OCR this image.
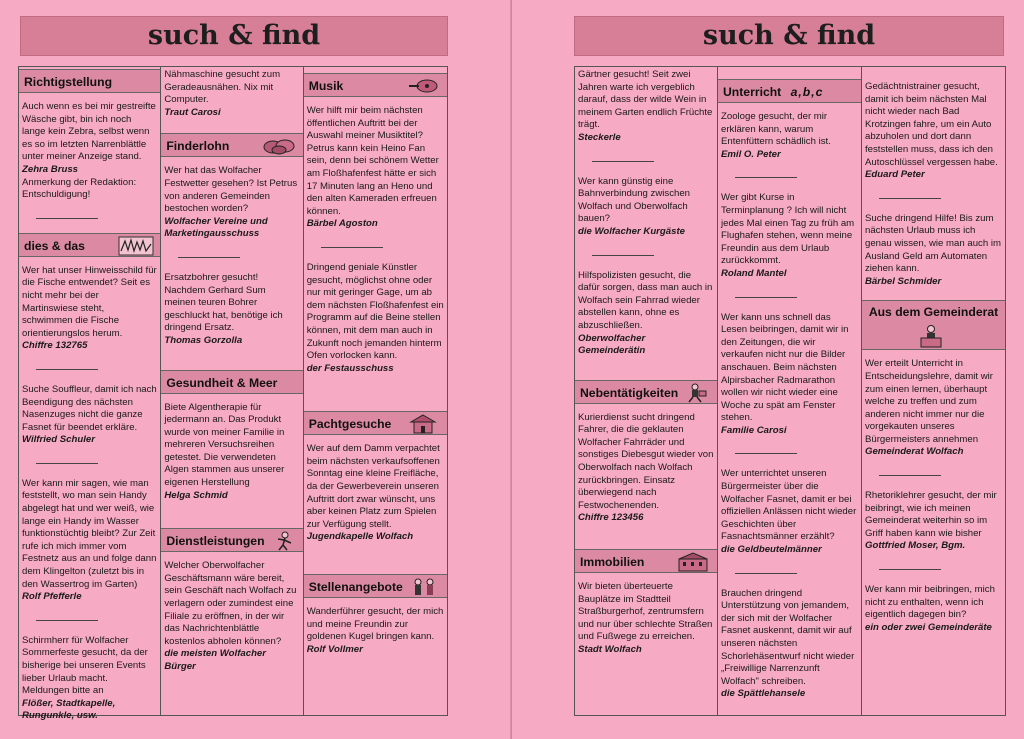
such & find
Richtigstellung
Auch wenn es bei mir gestreifte Wäsche gibt, bin ich noch lange kein Zebra, selbst wenn es so im letzten Narrenblättle unter meiner Anzeige stand.
Zehra Bruss
Anmerkung der Redaktion: Entschuldigung!
dies & das
Wer hat unser Hinweisschild für die Fische entwendet? Seit es nicht mehr bei der Martinswiese steht, schwimmen die Fische orientierungslos herum.
Chiffre 132765
Suche Souffleur, damit ich nach Beendigung des nächsten Nasenzuges nicht die ganze Fasnet für beendet erkläre.
Wilfried Schuler
Wer kann mir sagen, wie man feststellt, wo man sein Handy abgelegt hat und wer weiß, wie lange ein Handy im Wasser funktionstüchtig bleibt? Zur Zeit rufe ich mich immer vom Festnetz aus an und folge dann dem Klingelton (zuletzt bis in den Wassertrog im Garten)
Rolf Pfefferle
Schirmherr für Wolfacher Sommerfeste gesucht, da der bisherige bei unseren Events lieber Urlaub macht. Meldungen bitte an
Flößer, Stadtkapelle, Rungunkle, usw.
Nähmaschine gesucht zum Geradeausnähen. Nix mit Computer.
Traut Carosi
Finderlohn
Wer hat das Wolfacher Festwetter gesehen? Ist Petrus von anderen Gemeinden bestochen worden?
Wolfacher Vereine und Marketingausschuss
Ersatzbohrer gesucht! Nachdem Gerhard Sum meinen teuren Bohrer geschluckt hat, benötige ich dringend Ersatz.
Thomas Gorzolla
Gesundheit & Meer
Biete Algentherapie für jedermann an. Das Produkt wurde von meiner Familie in mehreren Versuchsreihen getestet. Die verwendeten Algen stammen aus unserer eigenen Herstellung
Helga Schmid
Dienstleistungen
Welcher Oberwolfacher Geschäftsmann wäre bereit, sein Geschäft nach Wolfach zu verlagern oder zumindest eine Filiale zu eröffnen, in der wir das Nachrichtenblättle kostenlos abholen können?
die meisten Wolfacher Bürger
Musik
Wer hilft mir beim nächsten öffentlichen Auftritt bei der Auswahl meiner Musiktitel? Petrus kann kein Heino Fan sein, denn bei schönem Wetter am Floßhafenfest hätte er sich 17 Minuten lang an Heno und den alten Kameraden erfreuen können.
Bärbel Agoston
Dringend geniale Künstler gesucht, möglichst ohne oder nur mit geringer Gage, um ab dem nächsten Floßhafenfest ein Programm auf die Beine stellen können, mit dem man auch in Zukunft noch jemanden hinterm Ofen vorlocken kann.
der Festausschuss
Pachtgesuche
Wer auf dem Damm verpachtet beim nächsten verkaufsoffenen Sonntag eine kleine Freifläche, da der Gewerbeverein unseren Auftritt dort zwar wünscht, uns aber keinen Platz zum Spielen zur Verfügung stellt.
Jugendkapelle Wolfach
Stellenangebote
Wanderführer gesucht, der mich und meine Freundin zur goldenen Kugel bringen kann.
Rolf Vollmer
such & find
Gärtner gesucht! Seit zwei Jahren warte ich vergeblich darauf, dass der wilde Wein in meinem Garten endlich Früchte trägt.
Steckerle
Wer kann günstig eine Bahnverbindung zwischen Wolfach und Oberwolfach bauen?
die Wolfacher Kurgäste
Hilfspolizisten gesucht, die dafür sorgen, dass man auch in Wolfach sein Fahrrad wieder abstellen kann, ohne es abzuschließen.
Oberwolfacher Gemeinderätin
Nebentätigkeiten
Kurierdienst sucht dringend Fahrer, die die geklauten Wolfacher Fahrräder und sonstiges Diebesgut wieder von Oberwolfach nach Wolfach zurückbringen. Einsatz überwiegend nach Festwochenenden.
Chiffre 123456
Immobilien
Wir bieten überteuerte Bauplätze im Stadtteil Straßburgerhof, zentrumsfern und nur über schlechte Straßen und Fußwege zu erreichen.
Stadt Wolfach
Unterricht a,b,c
Zoologe gesucht, der mir erklären kann, warum Entenfüttern schädlich ist.
Emil O. Peter
Wer gibt Kurse in Terminplanung ? Ich will nicht jedes Mal einen Tag zu früh am Flughafen stehen, wenn meine Freundin aus dem Urlaub zurückkommt.
Roland Mantel
Wer kann uns schnell das Lesen beibringen, damit wir in den Zeitungen, die wir verkaufen nicht nur die Bilder anschauen. Beim nächsten Alpirsbacher Radmarathon wollen wir nicht wieder eine Woche zu spät am Fenster stehen.
Familie Carosi
Wer unterrichtet unseren Bürgermeister über die Wolfacher Fasnet, damit er bei offiziellen Anlässen nicht wieder Geschichten über Fasnachtsmänner erzählt?
die Geldbeutelmänner
Brauchen dringend Unterstützung von jemandem, der sich mit der Wolfacher Fasnet auskennt, damit wir auf unseren nächsten Schorlehäsentwurf nicht wieder „Freiwillige Narrenzunft Wolfach" schreiben.
die Spättlehansele
Gedächtnistrainer gesucht, damit ich beim nächsten Mal nicht wieder nach Bad Krotzingen fahre, um ein Auto abzuholen und dort dann feststellen muss, dass ich den Autoschlüssel vergessen habe.
Eduard Peter
Suche dringend Hilfe! Bis zum nächsten Urlaub muss ich genau wissen, wie man auch im Ausland Geld am Automaten ziehen kann.
Bärbel Schmider
Aus dem Gemeinderat
Wer erteilt Unterricht in Entscheidungslehre, damit wir zum einen lernen, überhaupt welche zu treffen und zum anderen nicht immer nur die vorgekauten unseres Bürgermeisters annehmen
Gemeinderat Wolfach
Rhetoriklehrer gesucht, der mir beibringt, wie ich meinen Gemeinderat weiterhin so im Griff haben kann wie bisher
Gottfried Moser, Bgm.
Wer kann mir beibringen, mich nicht zu enthalten, wenn ich eigentlich dagegen bin?
ein oder zwei Gemeinderäte
